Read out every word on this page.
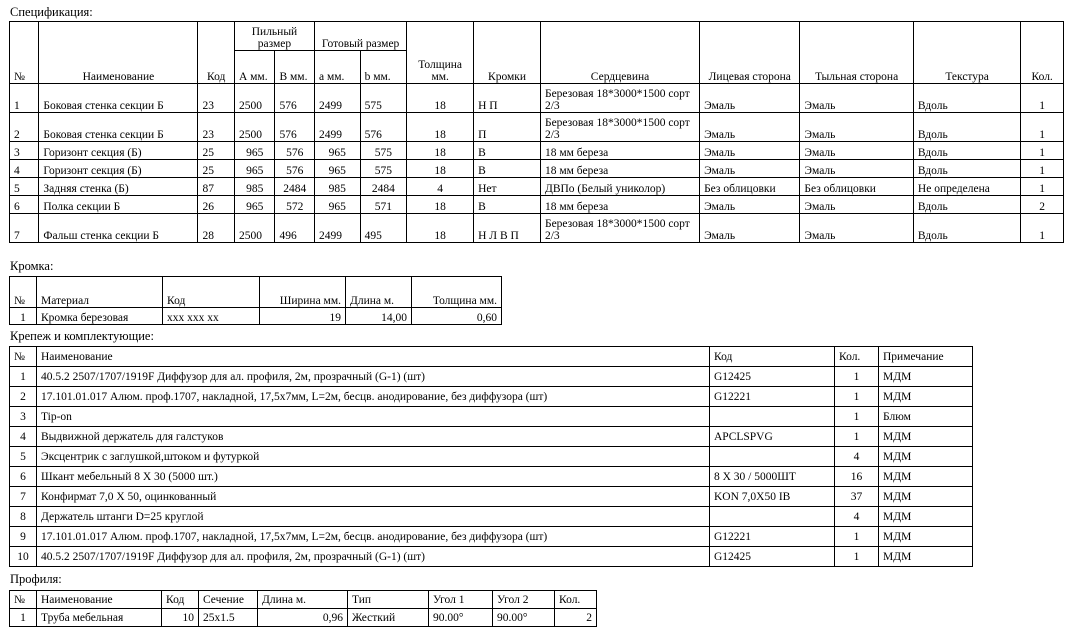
Спецификация:
№	Наименование	Код	Пильный размер		Готовый размер		Толщина мм.	Кромки	Сердцевина	Лицевая сторона	Тыльная сторона	Текстура	Кол.
			А мм.	В мм.	a мм.	b мм.							

1	Боковая стенка секции Б	23	2500	576	2499	575	18	Н П	Березовая 18*3000*1500 сорт 2/3	Эмаль	Эмаль	Вдоль	1
2	Боковая стенка секции Б	23	2500	576	2499	576	18	П	Березовая 18*3000*1500 сорт 2/3	Эмаль	Эмаль	Вдоль	1
3	Горизонт секция (Б)	25	965	576	965	575	18	В	18 мм береза	Эмаль	Эмаль	Вдоль	1
4	Горизонт секция (Б)	25	965	576	965	575	18	В	18 мм береза	Эмаль	Эмаль	Вдоль	1
5	Задняя стенка (Б)	87	985	2484	985	2484	4	Нет	ДВПо (Белый униколор)	Без облицовки	Без облицовки	Не определена	1
6	Полка секции Б	26	965	572	965	571	18	В	18 мм береза	Эмаль	Эмаль	Вдоль	2
7	Фальш стенка секции Б	28	2500	496	2499	495	18	Н Л В П	Березовая 18*3000*1500 сорт 2/3	Эмаль	Эмаль	Вдоль	1
Кромка:
№	Материал	Код	Ширина мм.	Длина м.	Толщина мм.
1	Кромка березовая	xxx xxx xx	19	14,00	0,60
Крепеж и комплектующие:
№	Наименование	Код	Кол.	Примечание
1	40.5.2 2507/1707/1919F Диффузор для ал. профиля, 2м, прозрачный (G-1) (шт)	G12425	1	МДМ
2	17.101.01.017 Алюм. проф.1707, накладной, 17,5х7мм, L=2м, бесцв. анодирование, без диффузора (шт)	G12221	1	МДМ
3	Tip-on		1	Блюм
4	Выдвижной держатель для галстуков	APCLSPVG	1	МДМ
5	Эксцентрик с заглушкой,штоком и футуркой		4	МДМ
6	Шкант мебельный 8 Х 30 (5000 шт.)	8 X 30 / 5000ШТ	16	МДМ
7	Конфирмат 7,0 Х 50, оцинкованный	KON 7,0X50 IB	37	МДМ
8	Держатель штанги D=25 круглой		4	МДМ
9	17.101.01.017 Алюм. проф.1707, накладной, 17,5х7мм, L=2м, бесцв. анодирование, без диффузора (шт)	G12221	1	МДМ
10	40.5.2 2507/1707/1919F Диффузор для ал. профиля, 2м, прозрачный (G-1) (шт)	G12425	1	МДМ
Профиля:
№	Наименование	Код	Сечение	Длина м.	Тип	Угол 1	Угол 2	Кол.
1	Труба мебельная	10	25x1.5	0,96	Жесткий	90.00°	90.00°	2
